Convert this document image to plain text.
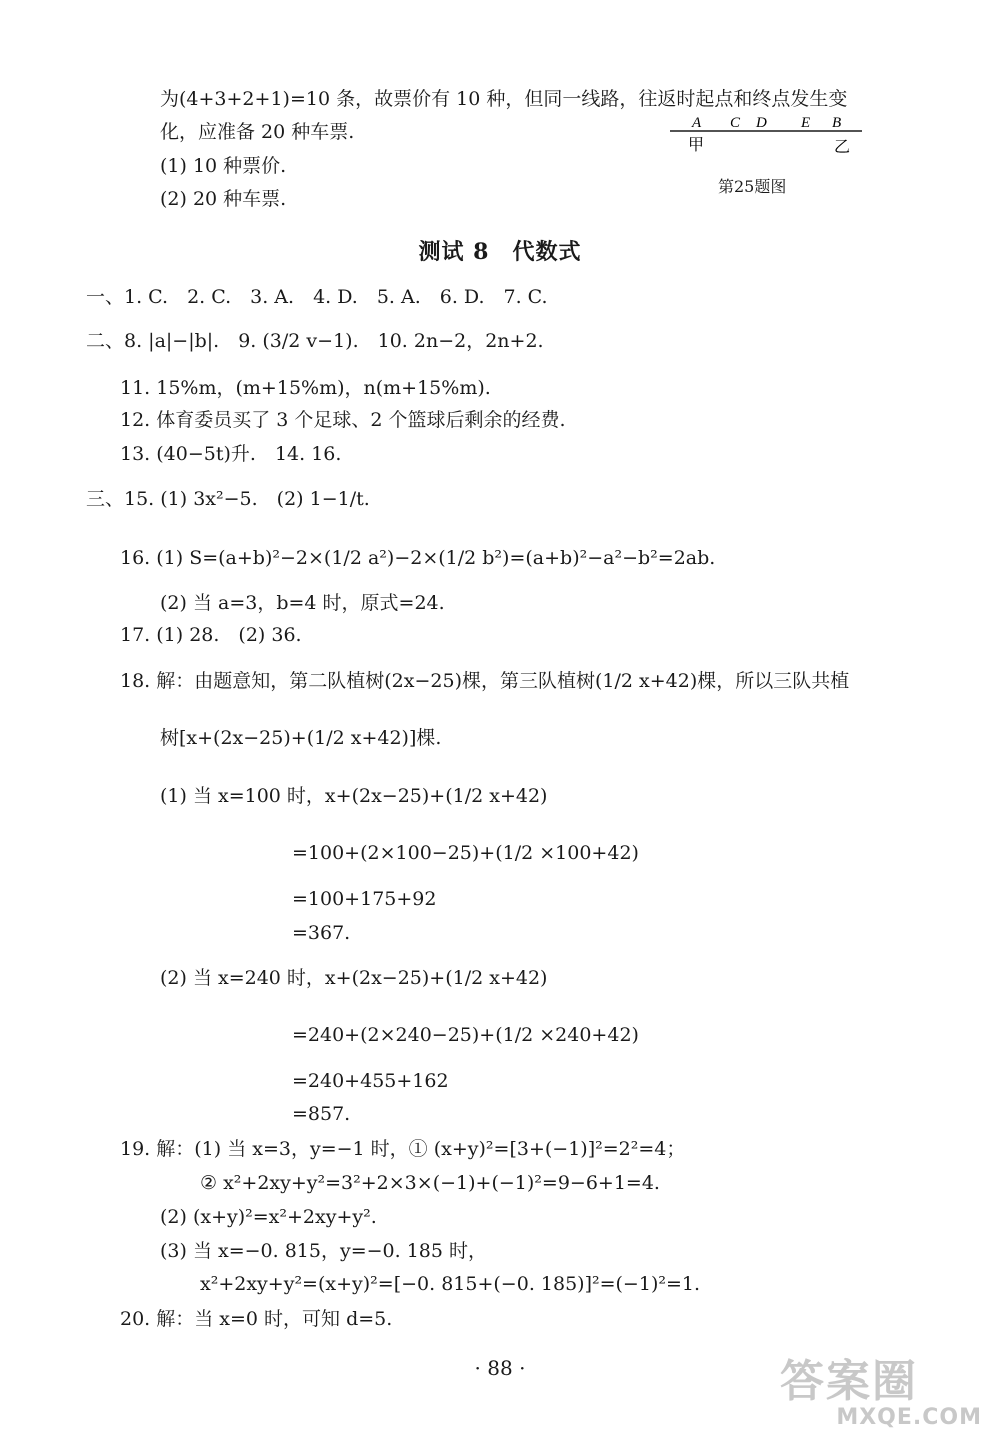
为(4+3+2+1)=10 条，故票价有 10 种，但同一线路，往返时起点和终点发生变
化，应准备 20 种车票.
(1) 10 种票价.
(2) 20 种车票.
A C D E B
甲	乙
第25题图
测试 8　代数式
一、1. C.　2. C.　3. A.　4. D.　5. A.　6. D.　7. C.
二、8. |a|−|b|.　9. (3/2 v−1).　10. 2n−2，2n+2.
11. 15%m，(m+15%m)，n(m+15%m).
12. 体育委员买了 3 个足球、2 个篮球后剩余的经费.
13. (40−5t)升.　14. 16.
三、15. (1) 3x²−5.　(2) 1−1/t.
16. (1) S=(a+b)²−2×(1/2 a²)−2×(1/2 b²)=(a+b)²−a²−b²=2ab.
(2) 当 a=3，b=4 时，原式=24.
17. (1) 28.　(2) 36.
18. 解：由题意知，第二队植树(2x−25)棵，第三队植树(1/2 x+42)棵，所以三队共植
树[x+(2x−25)+(1/2 x+42)]棵.
(1) 当 x=100 时，x+(2x−25)+(1/2 x+42)
=100+(2×100−25)+(1/2 ×100+42)
=100+175+92
=367.
(2) 当 x=240 时，x+(2x−25)+(1/2 x+42)
=240+(2×240−25)+(1/2 ×240+42)
=240+455+162
=857.
19. 解：(1) 当 x=3，y=−1 时，① (x+y)²=[3+(−1)]²=2²=4；
② x²+2xy+y²=3²+2×3×(−1)+(−1)²=9−6+1=4.
(2) (x+y)²=x²+2xy+y².
(3) 当 x=−0. 815，y=−0. 185 时，
x²+2xy+y²=(x+y)²=[−0. 815+(−0. 185)]²=(−1)²=1.
20. 解：当 x=0 时，可知 d=5.
· 88 ·	答案圈
MXQE.COM
